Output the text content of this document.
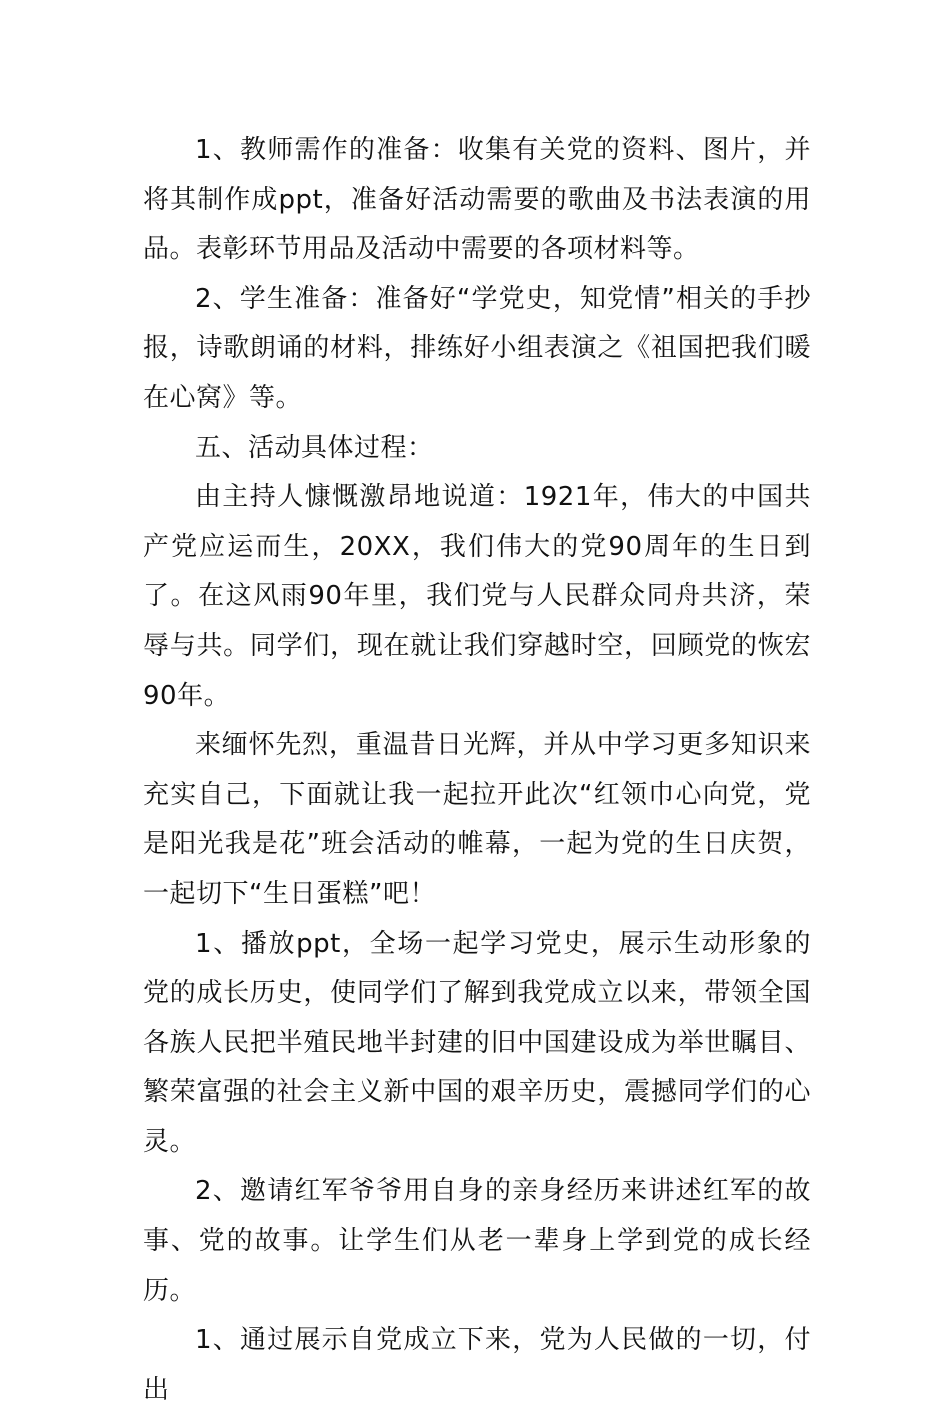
1、教师需作的准备：收集有关党的资料、图片，并将其制作成ppt，准备好活动需要的歌曲及书法表演的用品。表彰环节用品及活动中需要的各项材料等。

2、学生准备：准备好“学党史，知党情”相关的手抄报，诗歌朗诵的材料，排练好小组表演之《祖国把我们暖在心窝》等。

五、活动具体过程：

由主持人慷慨激昂地说道：1921年，伟大的中国共产党应运而生，20XX，我们伟大的党90周年的生日到了。在这风雨90年里，我们党与人民群众同舟共济，荣辱与共。同学们，现在就让我们穿越时空，回顾党的恢宏90年。

来缅怀先烈，重温昔日光辉，并从中学习更多知识来充实自己，下面就让我一起拉开此次“红领巾心向党，党是阳光我是花”班会活动的帷幕，一起为党的生日庆贺，一起切下“生日蛋糕”吧！

1、播放ppt，全场一起学习党史，展示生动形象的党的成长历史，使同学们了解到我党成立以来，带领全国各族人民把半殖民地半封建的旧中国建设成为举世瞩目、繁荣富强的社会主义新中国的艰辛历史，震撼同学们的心灵。

2、邀请红军爷爷用自身的亲身经历来讲述红军的故事、党的故事。让学生们从老一辈身上学到党的成长经历。

1、通过展示自党成立下来，党为人民做的一切，付出
